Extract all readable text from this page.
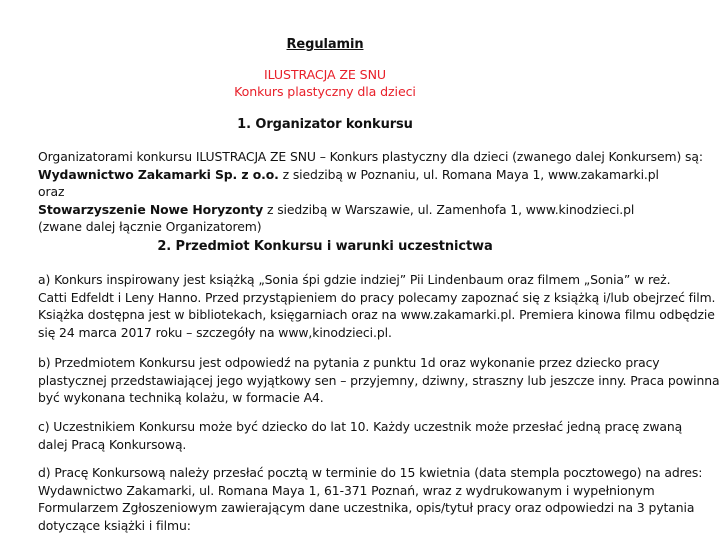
Regulamin
ILUSTRACJA ZE SNU
Konkurs plastyczny dla dzieci
1. Organizator konkursu
Organizatorami konkursu ILUSTRACJA ZE SNU – Konkurs plastyczny dla dzieci (zwanego dalej Konkursem) są:
Wydawnictwo Zakamarki Sp. z o.o. z siedzibą w Poznaniu, ul. Romana Maya 1, www.zakamarki.pl
oraz
Stowarzyszenie Nowe Horyzonty z siedzibą w Warszawie, ul. Zamenhofa 1, www.kinodzieci.pl
(zwane dalej łącznie Organizatorem)
2. Przedmiot Konkursu i warunki uczestnictwa
a) Konkurs inspirowany jest książką „Sonia śpi gdzie indziej” Pii Lindenbaum oraz filmem „Sonia” w reż.
Catti Edfeldt i Leny Hanno. Przed przystąpieniem do pracy polecamy zapoznać się z książką i/lub obejrzeć film.
Książka dostępna jest w bibliotekach, księgarniach oraz na www.zakamarki.pl. Premiera kinowa filmu odbędzie
się 24 marca 2017 roku – szczegóły na www,kinodzieci.pl.
b) Przedmiotem Konkursu jest odpowiedź na pytania z punktu 1d oraz wykonanie przez dziecko pracy
plastycznej przedstawiającej jego wyjątkowy sen – przyjemny, dziwny, straszny lub jeszcze inny. Praca powinna
być wykonana techniką kolażu, w formacie A4.
c) Uczestnikiem Konkursu może być dziecko do lat 10. Każdy uczestnik może przesłać jedną pracę zwaną
dalej Pracą Konkursową.
d) Pracę Konkursową należy przesłać pocztą w terminie do 15 kwietnia (data stempla pocztowego) na adres:
Wydawnictwo Zakamarki, ul. Romana Maya 1, 61-371 Poznań, wraz z wydrukowanym i wypełnionym
Formularzem Zgłoszeniowym zawierającym dane uczestnika, opis/tytuł pracy oraz odpowiedzi na 3 pytania
dotyczące książki i filmu:
